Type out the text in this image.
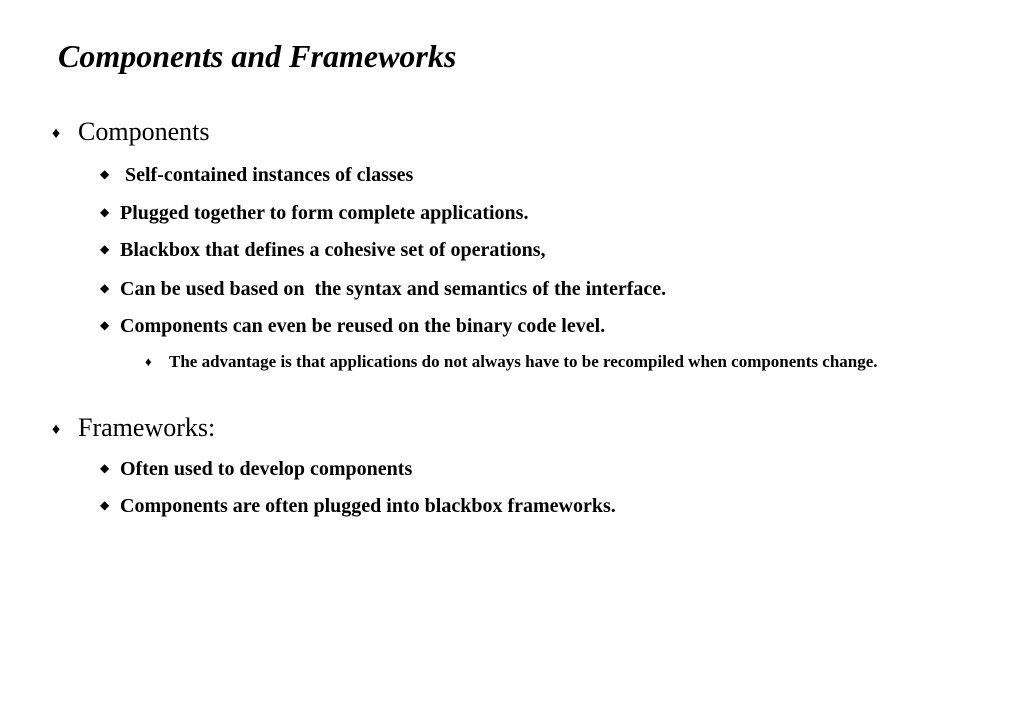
Components and Frameworks
♦ Components
◆ Self-contained instances of classes
◆ Plugged together to form complete applications.
◆ Blackbox that defines a cohesive set of operations,
◆ Can be used based on  the syntax and semantics of the interface.
◆ Components can even be reused on the binary code level.
♦	The advantage is that applications do not always have to be recompiled when components change.
♦ Frameworks:
◆ Often used to develop components
◆ Components are often plugged into blackbox frameworks.
